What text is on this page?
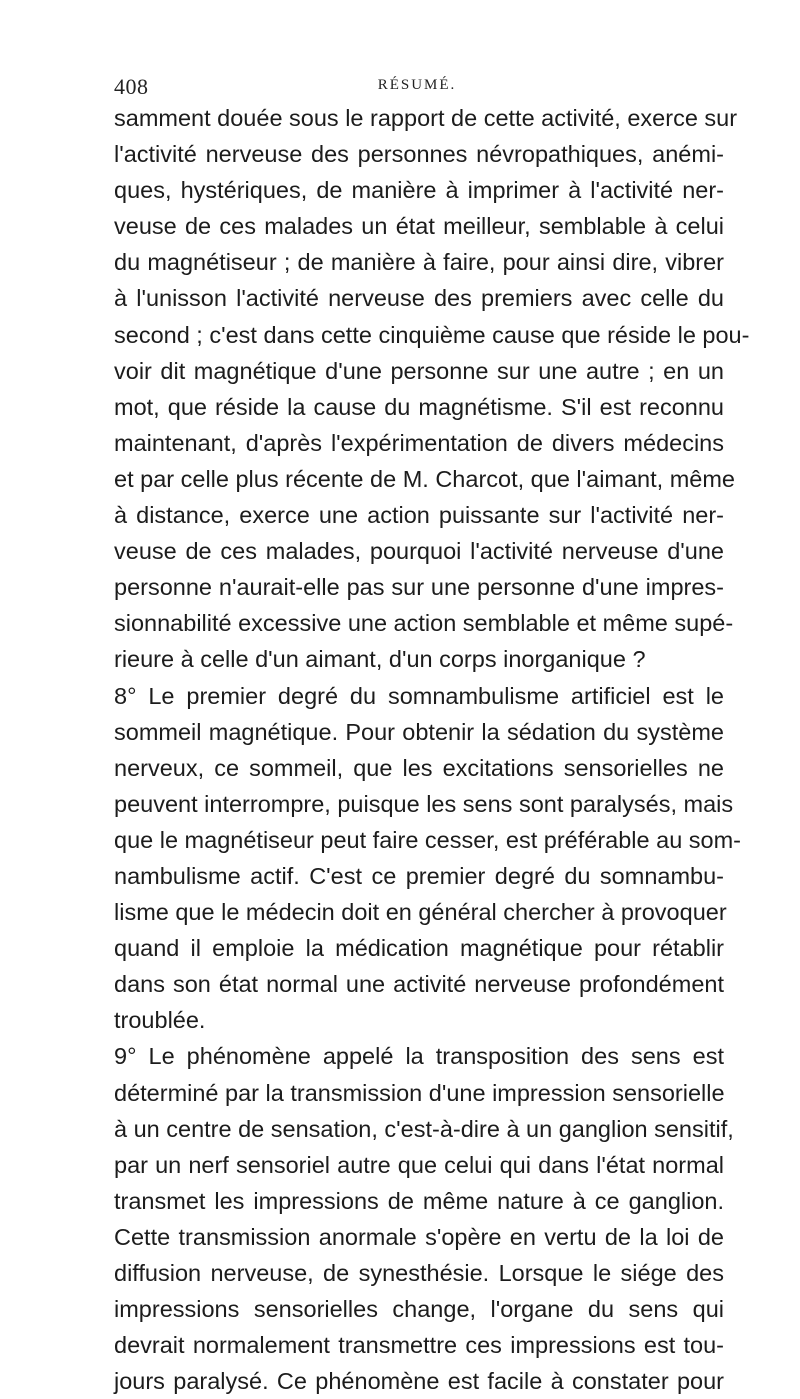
408	RÉSUMÉ.
samment douée sous le rapport de cette activité, exerce sur
l'activité nerveuse des personnes névropathiques, anémi-
ques, hystériques, de manière à imprimer à l'activité ner-
veuse de ces malades un état meilleur, semblable à celui
du magnétiseur ; de manière à faire, pour ainsi dire, vibrer
à l'unisson l'activité nerveuse des premiers avec celle du
second ; c'est dans cette cinquième cause que réside le pou-
voir dit magnétique d'une personne sur une autre ; en un
mot, que réside la cause du magnétisme. S'il est reconnu
maintenant, d'après l'expérimentation de divers médecins
et par celle plus récente de M. Charcot, que l'aimant, même
à distance, exerce une action puissante sur l'activité ner-
veuse de ces malades, pourquoi l'activité nerveuse d'une
personne n'aurait-elle pas sur une personne d'une impres-
sionnabilité excessive une action semblable et même supé-
rieure à celle d'un aimant, d'un corps inorganique ?
8° Le premier degré du somnambulisme artificiel est le
sommeil magnétique. Pour obtenir la sédation du système
nerveux, ce sommeil, que les excitations sensorielles ne
peuvent interrompre, puisque les sens sont paralysés, mais
que le magnétiseur peut faire cesser, est préférable au som-
nambulisme actif. C'est ce premier degré du somnambu-
lisme que le médecin doit en général chercher à provoquer
quand il emploie la médication magnétique pour rétablir
dans son état normal une activité nerveuse profondément
troublée.
9° Le phénomène appelé la transposition des sens est
déterminé par la transmission d'une impression sensorielle
à un centre de sensation, c'est-à-dire à un ganglion sensitif,
par un nerf sensoriel autre que celui qui dans l'état normal
transmet les impressions de même nature à ce ganglion.
Cette transmission anormale s'opère en vertu de la loi de
diffusion nerveuse, de synesthésie. Lorsque le siége des
impressions sensorielles change, l'organe du sens qui
devrait normalement transmettre ces impressions est tou-
jours paralysé. Ce phénomène est facile à constater pour
